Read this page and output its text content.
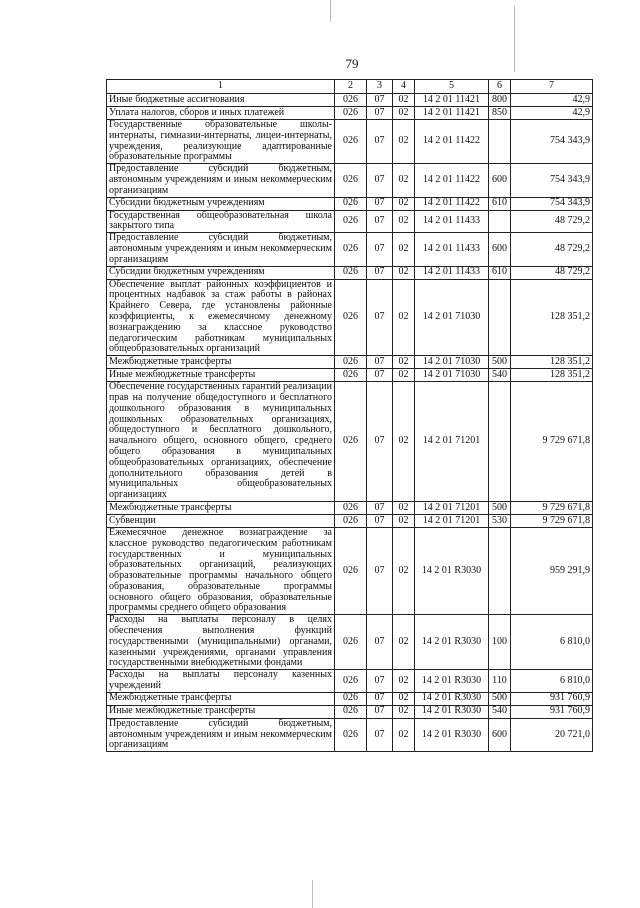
79
1	2	3	4	5	6	7
Иные бюджетные ассигнования	026	07	02	14 2 01 11421	800	42,9
Уплата налогов, сборов и иных платежей	026	07	02	14 2 01 11421	850	42,9
Государственные образовательные школы-интернаты, гимназии-интернаты, лицеи-интернаты, учреждения, реализующие адаптированные образовательные программы	026	07	02	14 2 01 11422		754 343,9
Предоставление субсидий бюджетным, автономным учреждениям и иным некоммерческим организациям	026	07	02	14 2 01 11422	600	754 343,9
Субсидии бюджетным учреждениям	026	07	02	14 2 01 11422	610	754 343,9
Государственная общеобразовательная школа закрытого типа	026	07	02	14 2 01 11433		48 729,2
Предоставление субсидий бюджетным, автономным учреждениям и иным некоммерческим организациям	026	07	02	14 2 01 11433	600	48 729,2
Субсидии бюджетным учреждениям	026	07	02	14 2 01 11433	610	48 729,2
Обеспечение выплат районных коэффициентов и процентных надбавок за стаж работы в районах Крайнего Севера, где установлены районные коэффициенты, к ежемесячному денежному вознаграждению за классное руководство педагогическим работникам муниципальных общеобразовательных организаций	026	07	02	14 2 01 71030		128 351,2
Межбюджетные трансферты	026	07	02	14 2 01 71030	500	128 351,2
Иные межбюджетные трансферты	026	07	02	14 2 01 71030	540	128 351,2
Обеспечение государственных гарантий реализации прав на получение общедоступного и бесплатного дошкольного образования в муниципальных дошкольных образовательных организациях, общедоступного и бесплатного дошкольного, начального общего, основного общего, среднего общего образования в муниципальных общеобразовательных организациях, обеспечение дополнительного образования детей в муниципальных общеобразовательных организациях	026	07	02	14 2 01 71201		9 729 671,8
Межбюджетные трансферты	026	07	02	14 2 01 71201	500	9 729 671,8
Субвенции	026	07	02	14 2 01 71201	530	9 729 671,8
Ежемесячное денежное вознаграждение за классное руководство педагогическим работникам государственных и муниципальных образовательных организаций, реализующих образовательные программы начального общего образования, образовательные программы основного общего образования, образовательные программы среднего общего образования	026	07	02	14 2 01 R3030		959 291,9
Расходы на выплаты персоналу в целях обеспечения выполнения функций государственными (муниципальными) органами, казенными учреждениями, органами управления государственными внебюджетными фондами	026	07	02	14 2 01 R3030	100	6 810,0
Расходы на выплаты персоналу казенных учреждений	026	07	02	14 2 01 R3030	110	6 810,0
Межбюджетные трансферты	026	07	02	14 2 01 R3030	500	931 760,9
Иные межбюджетные трансферты	026	07	02	14 2 01 R3030	540	931 760,9
Предоставление субсидий бюджетным, автономным учреждениям и иным некоммерческим организациям	026	07	02	14 2 01 R3030	600	20 721,0
